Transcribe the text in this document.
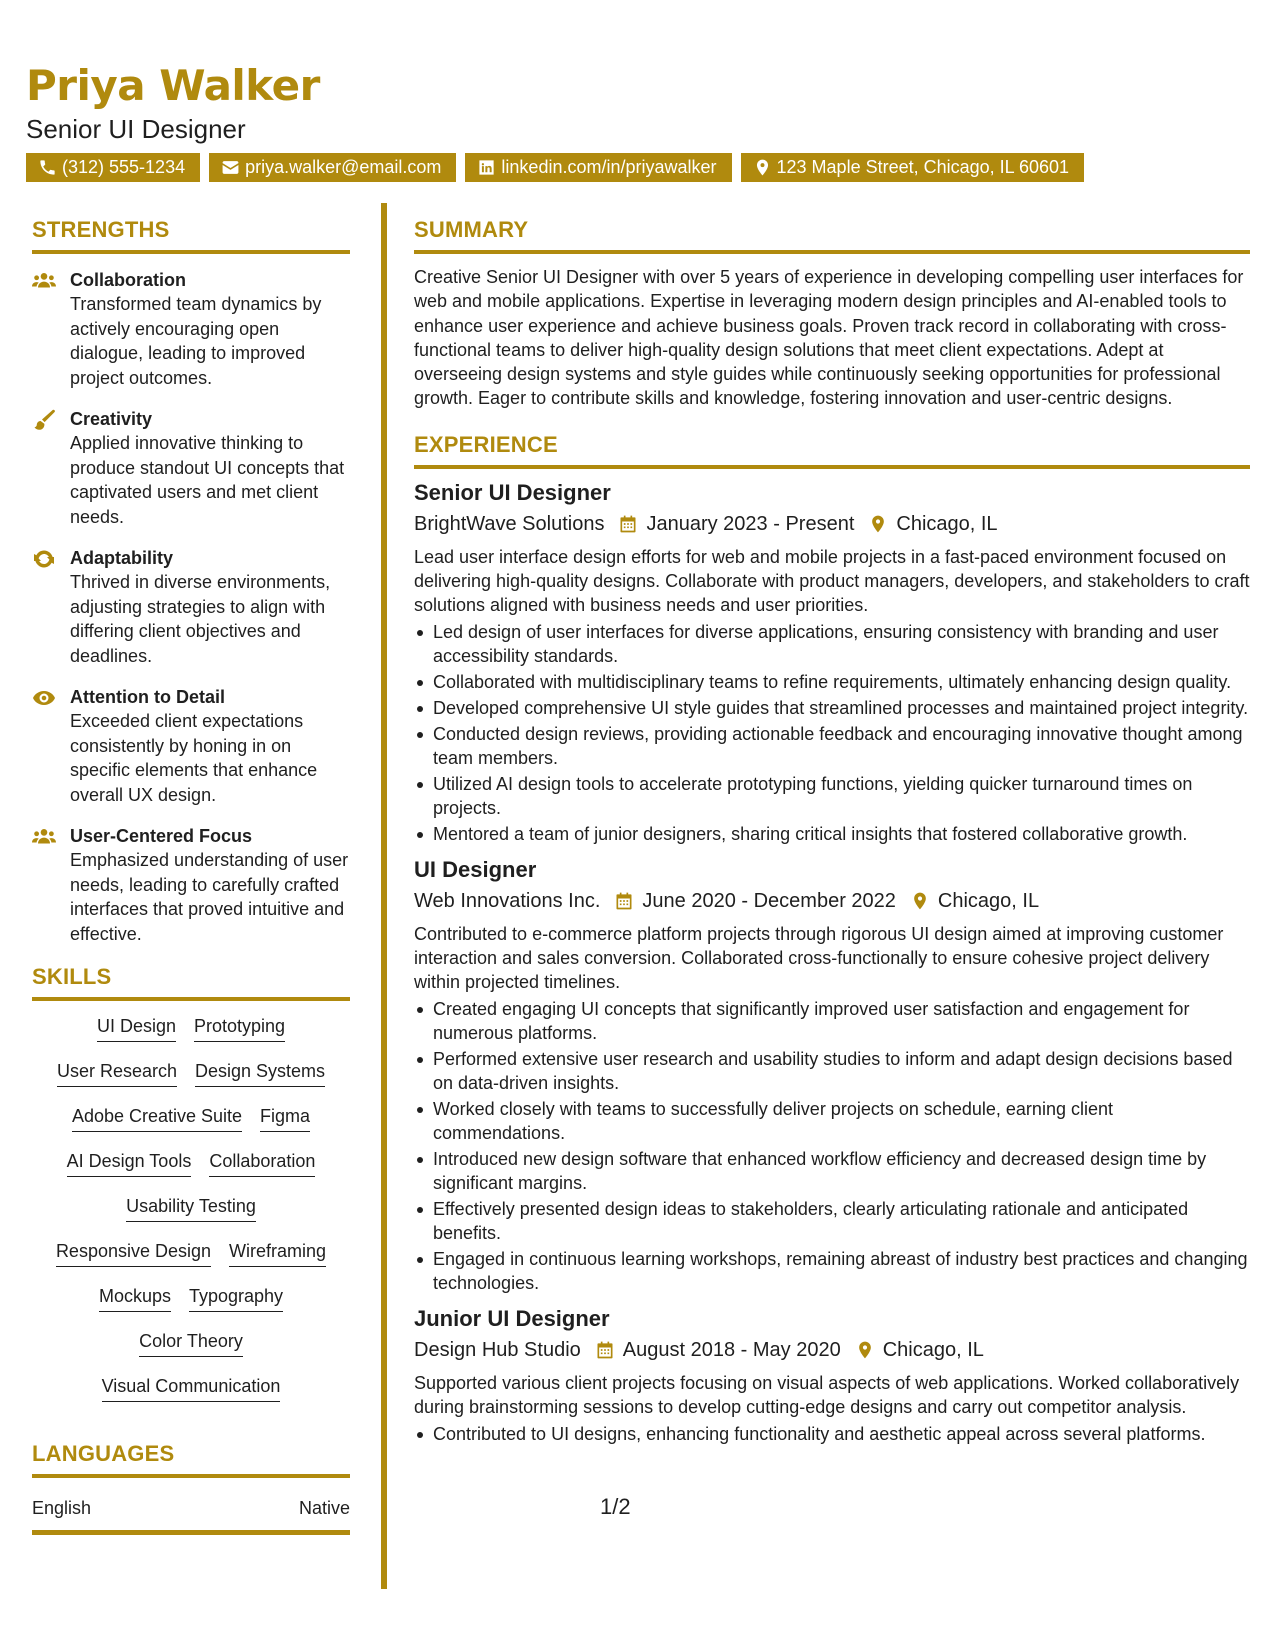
Priya Walker
Senior UI Designer
(312) 555-1234	priya.walker@email.com	linkedin.com/in/priyawalker	123 Maple Street, Chicago, IL 60601
STRENGTHS
Collaboration
Transformed team dynamics by actively encouraging open dialogue, leading to improved project outcomes.
Creativity
Applied innovative thinking to produce standout UI concepts that captivated users and met client needs.
Adaptability
Thrived in diverse environments, adjusting strategies to align with differing client objectives and deadlines.
Attention to Detail
Exceeded client expectations consistently by honing in on specific elements that enhance overall UX design.
User-Centered Focus
Emphasized understanding of user needs, leading to carefully crafted interfaces that proved intuitive and effective.
SKILLS
UI Design Prototyping
User Research Design Systems
Adobe Creative Suite Figma
AI Design Tools Collaboration
Usability Testing
Responsive Design Wireframing
Mockups Typography
Color Theory
Visual Communication
LANGUAGES
English	Native
SUMMARY
Creative Senior UI Designer with over 5 years of experience in developing compelling user interfaces for web and mobile applications. Expertise in leveraging modern design principles and AI-enabled tools to enhance user experience and achieve business goals. Proven track record in collaborating with cross-functional teams to deliver high-quality design solutions that meet client expectations. Adept at overseeing design systems and style guides while continuously seeking opportunities for professional growth. Eager to contribute skills and knowledge, fostering innovation and user-centric designs.
EXPERIENCE
Senior UI Designer
BrightWave Solutions January 2023 - Present Chicago, IL
Lead user interface design efforts for web and mobile projects in a fast-paced environment focused on delivering high-quality designs. Collaborate with product managers, developers, and stakeholders to craft solutions aligned with business needs and user priorities.
Led design of user interfaces for diverse applications, ensuring consistency with branding and user accessibility standards.
Collaborated with multidisciplinary teams to refine requirements, ultimately enhancing design quality.
Developed comprehensive UI style guides that streamlined processes and maintained project integrity.
Conducted design reviews, providing actionable feedback and encouraging innovative thought among team members.
Utilized AI design tools to accelerate prototyping functions, yielding quicker turnaround times on projects.
Mentored a team of junior designers, sharing critical insights that fostered collaborative growth.
UI Designer
Web Innovations Inc. June 2020 - December 2022 Chicago, IL
Contributed to e-commerce platform projects through rigorous UI design aimed at improving customer interaction and sales conversion. Collaborated cross-functionally to ensure cohesive project delivery within projected timelines.
Created engaging UI concepts that significantly improved user satisfaction and engagement for numerous platforms.
Performed extensive user research and usability studies to inform and adapt design decisions based on data-driven insights.
Worked closely with teams to successfully deliver projects on schedule, earning client commendations.
Introduced new design software that enhanced workflow efficiency and decreased design time by significant margins.
Effectively presented design ideas to stakeholders, clearly articulating rationale and anticipated benefits.
Engaged in continuous learning workshops, remaining abreast of industry best practices and changing technologies.
Junior UI Designer
Design Hub Studio August 2018 - May 2020 Chicago, IL
Supported various client projects focusing on visual aspects of web applications. Worked collaboratively during brainstorming sessions to develop cutting-edge designs and carry out competitor analysis.
Contributed to UI designs, enhancing functionality and aesthetic appeal across several platforms.
1/2
